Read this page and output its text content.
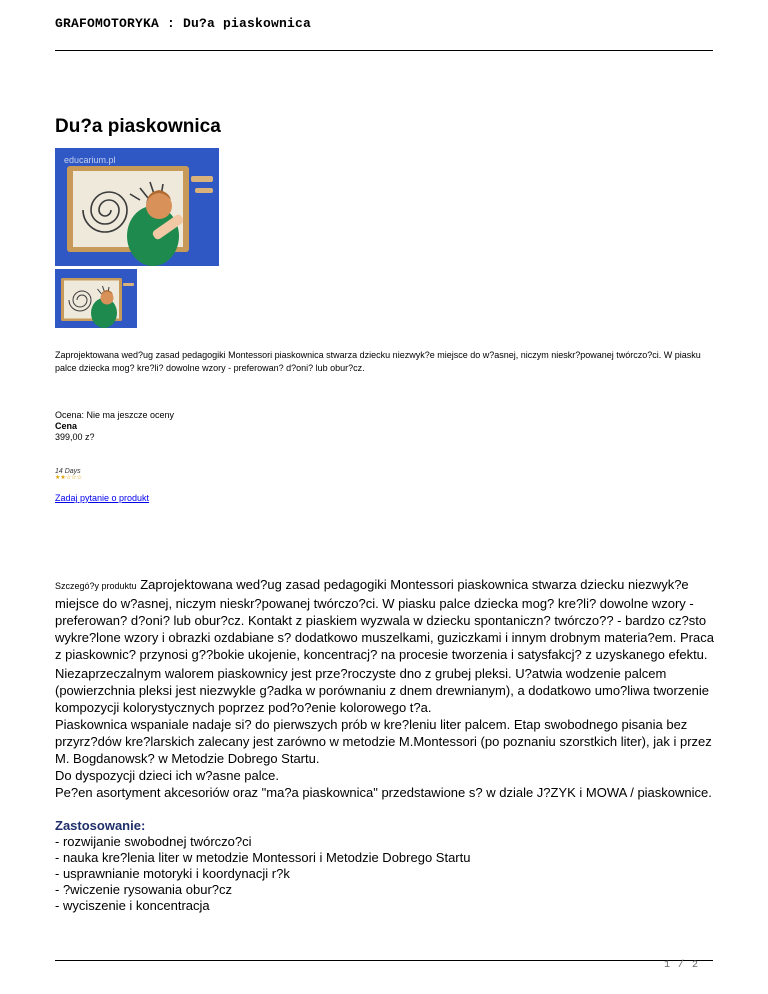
GRAFOMOTORYKA : Du?a piaskownica
Du?a piaskownica
educarium.pl

Zaprojektowana wed?ug zasad pedagogiki Montessori piaskownica stwarza dziecku niezwyk?e miejsce do w?asnej, niczym nieskr?powanej twórczo?ci. W piasku palce dziecka mog? kre?li? dowolne wzory - preferowan? d?oni? lub obur?cz.

Ocena: Nie ma jeszcze oceny
Cena
399,00 z?
14 Days
★★☆☆☆
Zadaj pytanie o produkt

Szczegó?y produktu Zaprojektowana wed?ug zasad pedagogiki Montessori piaskownica stwarza dziecku niezwyk?e miejsce do w?asnej, niczym nieskr?powanej twórczo?ci. W piasku palce dziecka mog? kre?li? dowolne wzory - preferowan? d?oni? lub obur?cz. Kontakt z piaskiem wyzwala w dziecku spontaniczn? twórczo?? - bardzo cz?sto wykre?lone wzory i obrazki ozdabiane s? dodatkowo muszelkami, guziczkami i innym drobnym materia?em. Praca z piaskownic? przynosi g??bokie ukojenie, koncentracj? na procesie tworzenia i satysfakcj? z uzyskanego efektu.

Niezaprzeczalnym walorem piaskownicy jest prze?roczyste dno z grubej pleksi. U?atwia wodzenie palcem (powierzchnia pleksi jest niezwykle g?adka w porównaniu z dnem drewnianym), a dodatkowo umo?liwa tworzenie kompozycji kolorystycznych poprzez pod?o?enie kolorowego t?a.
Piaskownica wspaniale nadaje si? do pierwszych prób w kre?leniu liter palcem. Etap swobodnego pisania bez przyrz?dów kre?larskich zalecany jest zarówno w metodzie M.Montessori (po poznaniu szorstkich liter), jak i przez M. Bogdanowsk? w Metodzie Dobrego Startu.
Do dyspozycji dzieci ich w?asne palce.
Pe?en asortyment akcesoriów oraz "ma?a piaskownica" przedstawione s? w dziale J?ZYK i MOWA / piaskownice.
Zastosowanie:
- rozwijanie swobodnej twórczo?ci
- nauka kre?lenia liter w metodzie Montessori i Metodzie Dobrego Startu
- usprawnianie motoryki i koordynacji r?k
- ?wiczenie rysowania obur?cz
- wyciszenie i koncentracja
1 / 2
